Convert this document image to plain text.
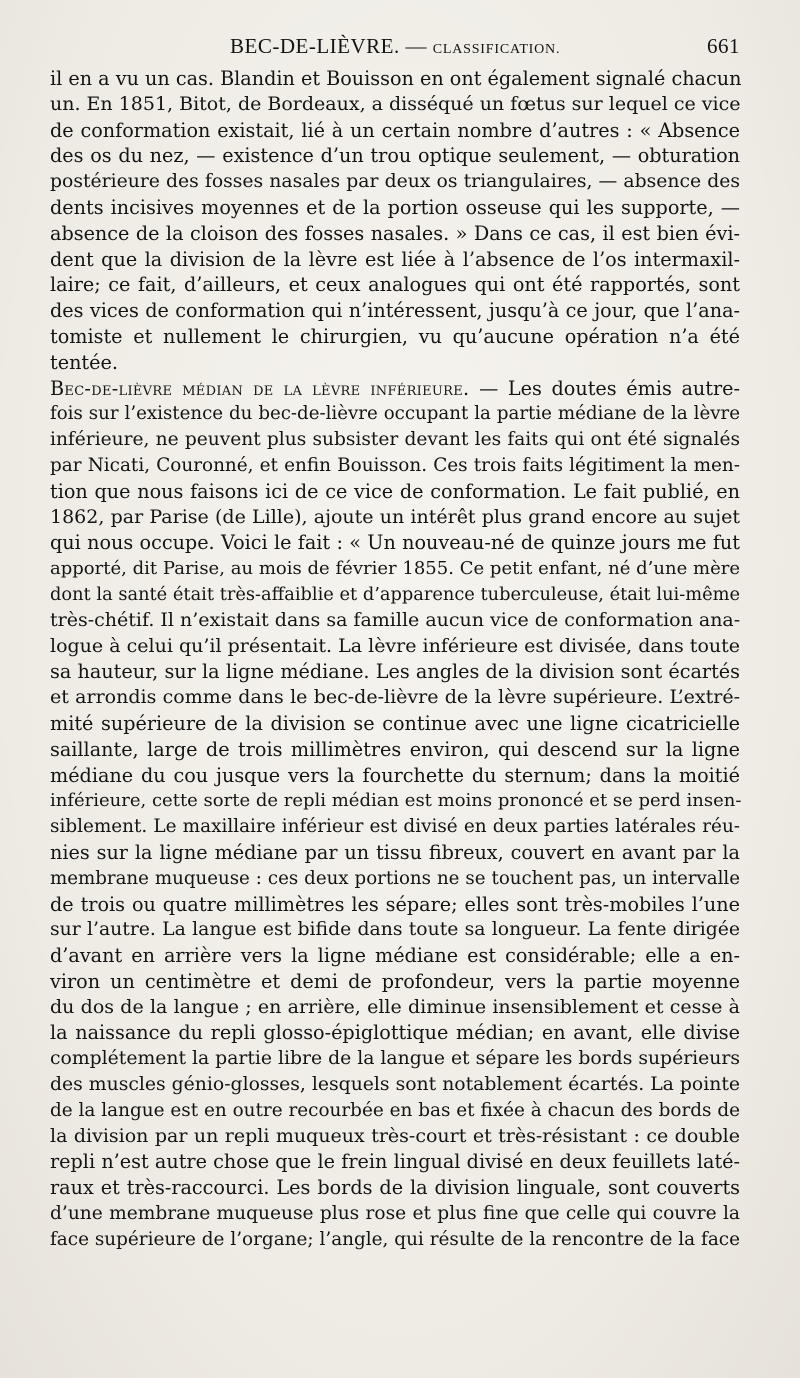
BEC-DE-LIÈVRE. — CLASSIFICATION.	661
il en a vu un cas. Blandin et Bouisson en ont également signalé chacun
un. En 1851, Bitot, de Bordeaux, a disséqué un fœtus sur lequel ce vice
de conformation existait, lié à un certain nombre d’autres : « Absence
des os du nez, — existence d’un trou optique seulement, — obturation
postérieure des fosses nasales par deux os triangulaires, — absence des
dents incisives moyennes et de la portion osseuse qui les supporte, —
absence de la cloison des fosses nasales. » Dans ce cas, il est bien évi-
dent que la division de la lèvre est liée à l’absence de l’os intermaxil-
laire; ce fait, d’ailleurs, et ceux analogues qui ont été rapportés, sont
des vices de conformation qui n’intéressent, jusqu’à ce jour, que l’ana-
tomiste et nullement le chirurgien, vu qu’aucune opération n’a été
tentée.
Bec-de-lièvre médian de la lèvre inférieure. — Les doutes émis autre-
fois sur l’existence du bec-de-lièvre occupant la partie médiane de la lèvre
inférieure, ne peuvent plus subsister devant les faits qui ont été signalés
par Nicati, Couronné, et enfin Bouisson. Ces trois faits légitiment la men-
tion que nous faisons ici de ce vice de conformation. Le fait publié, en
1862, par Parise (de Lille), ajoute un intérêt plus grand encore au sujet
qui nous occupe. Voici le fait : « Un nouveau-né de quinze jours me fut
apporté, dit Parise, au mois de février 1855. Ce petit enfant, né d’une mère
dont la santé était très-affaiblie et d’apparence tuberculeuse, était lui-même
très-chétif. Il n’existait dans sa famille aucun vice de conformation ana-
logue à celui qu’il présentait. La lèvre inférieure est divisée, dans toute
sa hauteur, sur la ligne médiane. Les angles de la division sont écartés
et arrondis comme dans le bec-de-lièvre de la lèvre supérieure. L’extré-
mité supérieure de la division se continue avec une ligne cicatricielle
saillante, large de trois millimètres environ, qui descend sur la ligne
médiane du cou jusque vers la fourchette du sternum; dans la moitié
inférieure, cette sorte de repli médian est moins prononcé et se perd insen-
siblement. Le maxillaire inférieur est divisé en deux parties latérales réu-
nies sur la ligne médiane par un tissu fibreux, couvert en avant par la
membrane muqueuse : ces deux portions ne se touchent pas, un intervalle
de trois ou quatre millimètres les sépare; elles sont très-mobiles l’une
sur l’autre. La langue est bifide dans toute sa longueur. La fente dirigée
d’avant en arrière vers la ligne médiane est considérable; elle a en-
viron un centimètre et demi de profondeur, vers la partie moyenne
du dos de la langue ; en arrière, elle diminue insensiblement et cesse à
la naissance du repli glosso-épiglottique médian; en avant, elle divise
complétement la partie libre de la langue et sépare les bords supérieurs
des muscles génio-glosses, lesquels sont notablement écartés. La pointe
de la langue est en outre recourbée en bas et fixée à chacun des bords de
la division par un repli muqueux très-court et très-résistant : ce double
repli n’est autre chose que le frein lingual divisé en deux feuillets laté-
raux et très-raccourci. Les bords de la division linguale, sont couverts
d’une membrane muqueuse plus rose et plus fine que celle qui couvre la
face supérieure de l’organe; l’angle, qui résulte de la rencontre de la face
